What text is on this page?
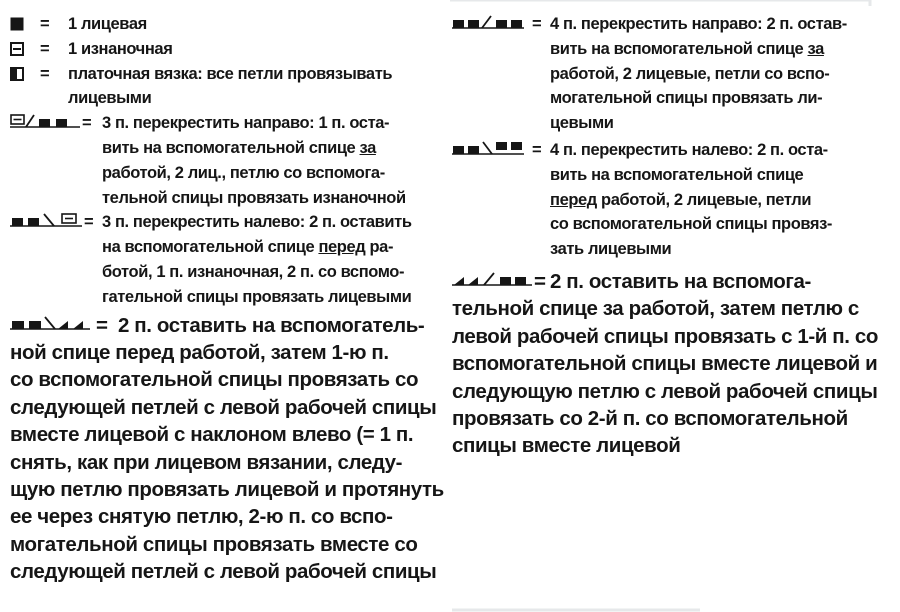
= 1 лицевая
= 1 изнаночная
= платочная вязка: все петли провязывать
лицевыми
= 3 п. перекрестить направо: 1 п. оста-
вить на вспомогательной спице за
работой, 2 лиц., петлю со вспомога-
тельной спицы провязать изнаночной
= 3 п. перекрестить налево: 2 п. оставить
на вспомогательной спице перед ра-
ботой, 1 п. изнаночная, 2 п. со вспомо-
гательной спицы провязать лицевыми
= 2 п. оставить на вспомогатель-
ной спице перед работой, затем 1-ю п.
со вспомогательной спицы провязать со
следующей петлей с левой рабочей спицы
вместе лицевой с наклоном влево (= 1 п.
снять, как при лицевом вязании, следу-
щую петлю провязать лицевой и протянуть
ее через снятую петлю, 2-ю п. со вспо-
могательной спицы провязать вместе со
следующей петлей с левой рабочей спицы
= 4 п. перекрестить направо: 2 п. остав-
вить на вспомогательной спице за
работой, 2 лицевые, петли со вспо-
могательной спицы провязать ли-
цевыми
= 4 п. перекрестить налево: 2 п. оста-
вить на вспомогательной спице
перед работой, 2 лицевые, петли
со вспомогательной спицы провяз-
зать лицевыми
= 2 п. оставить на вспомога-
тельной спице за работой, затем петлю с
левой рабочей спицы провязать с 1-й п. со
вспомогательной спицы вместе лицевой и
следующую петлю с левой рабочей спицы
провязать со 2-й п. со вспомогательной
спицы вместе лицевой
